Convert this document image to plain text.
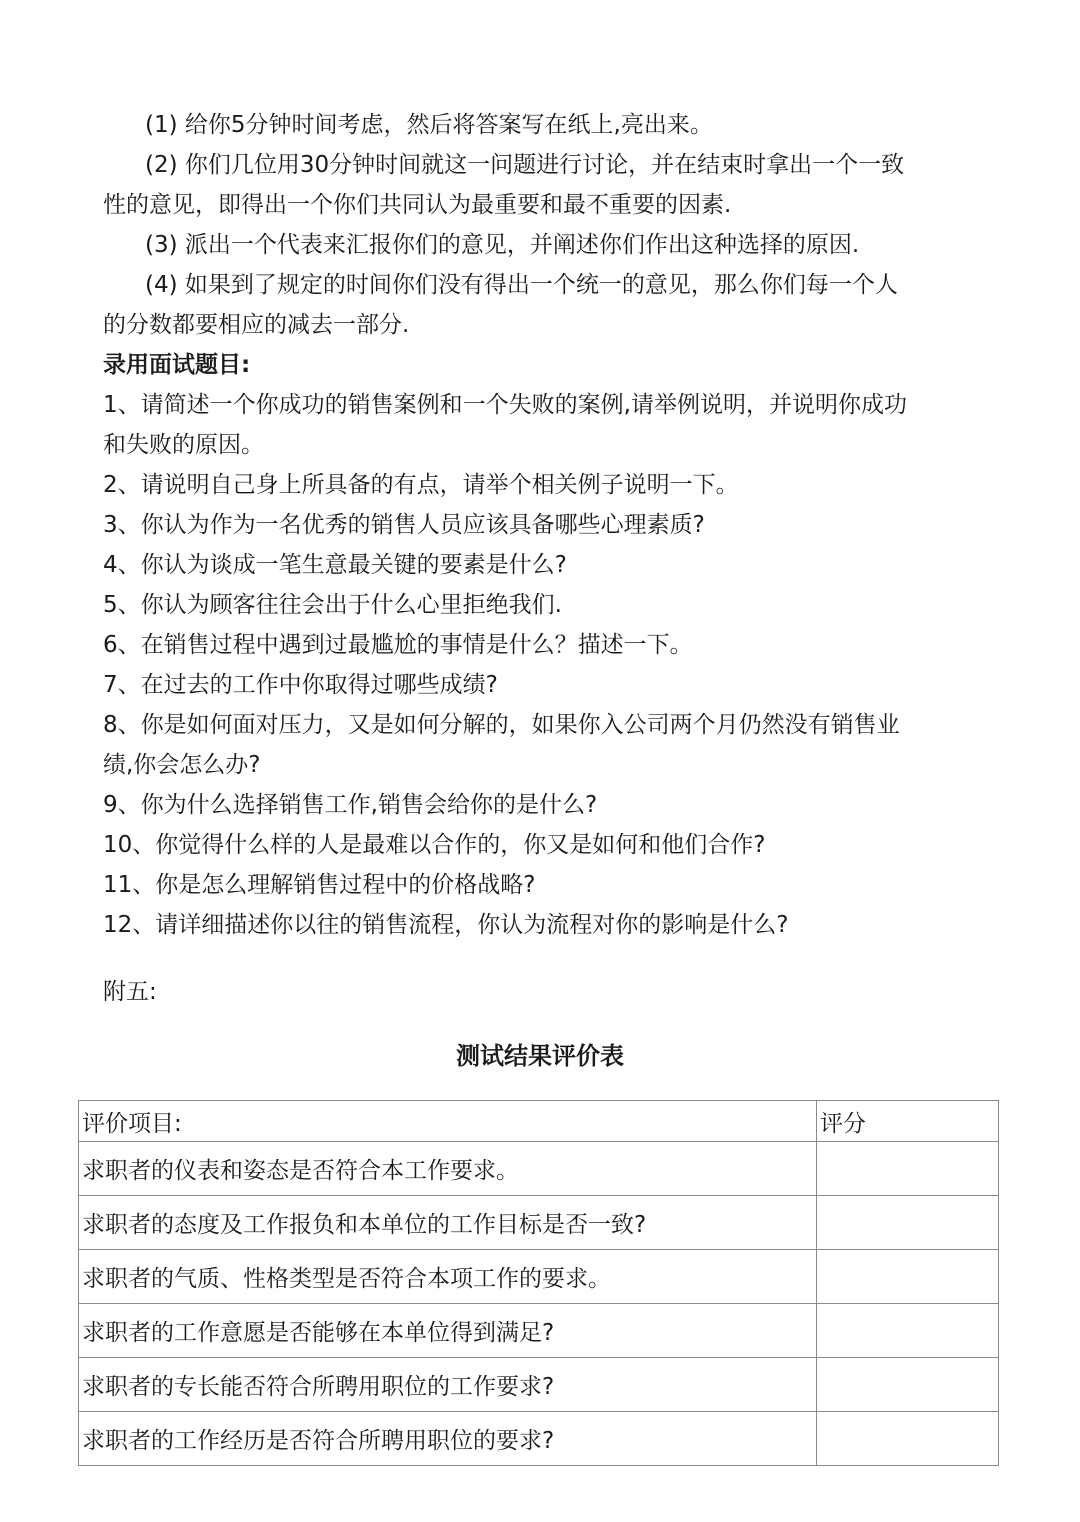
(1) 给你5分钟时间考虑，然后将答案写在纸上,亮出来。
(2) 你们几位用30分钟时间就这一问题进行讨论，并在结束时拿出一个一致
性的意见，即得出一个你们共同认为最重要和最不重要的因素.
(3) 派出一个代表来汇报你们的意见，并阐述你们作出这种选择的原因.
(4) 如果到了规定的时间你们没有得出一个统一的意见，那么你们每一个人
的分数都要相应的减去一部分.
录用面试题目:
1、请简述一个你成功的销售案例和一个失败的案例,请举例说明，并说明你成功
和失败的原因。
2、请说明自己身上所具备的有点，请举个相关例子说明一下。
3、你认为作为一名优秀的销售人员应该具备哪些心理素质?
4、你认为谈成一笔生意最关键的要素是什么?
5、你认为顾客往往会出于什么心里拒绝我们.
6、在销售过程中遇到过最尴尬的事情是什么？描述一下。
7、在过去的工作中你取得过哪些成绩?
8、你是如何面对压力，又是如何分解的，如果你入公司两个月仍然没有销售业
绩,你会怎么办?
9、你为什么选择销售工作,销售会给你的是什么?
10、你觉得什么样的人是最难以合作的，你又是如何和他们合作?
11、你是怎么理解销售过程中的价格战略?
12、请详细描述你以往的销售流程，你认为流程对你的影响是什么?
附五:
测试结果评价表
评价项目:	评分
求职者的仪表和姿态是否符合本工作要求。	
求职者的态度及工作报负和本单位的工作目标是否一致?	
求职者的气质、性格类型是否符合本项工作的要求。	
求职者的工作意愿是否能够在本单位得到满足?	
求职者的专长能否符合所聘用职位的工作要求?	
求职者的工作经历是否符合所聘用职位的要求?	
